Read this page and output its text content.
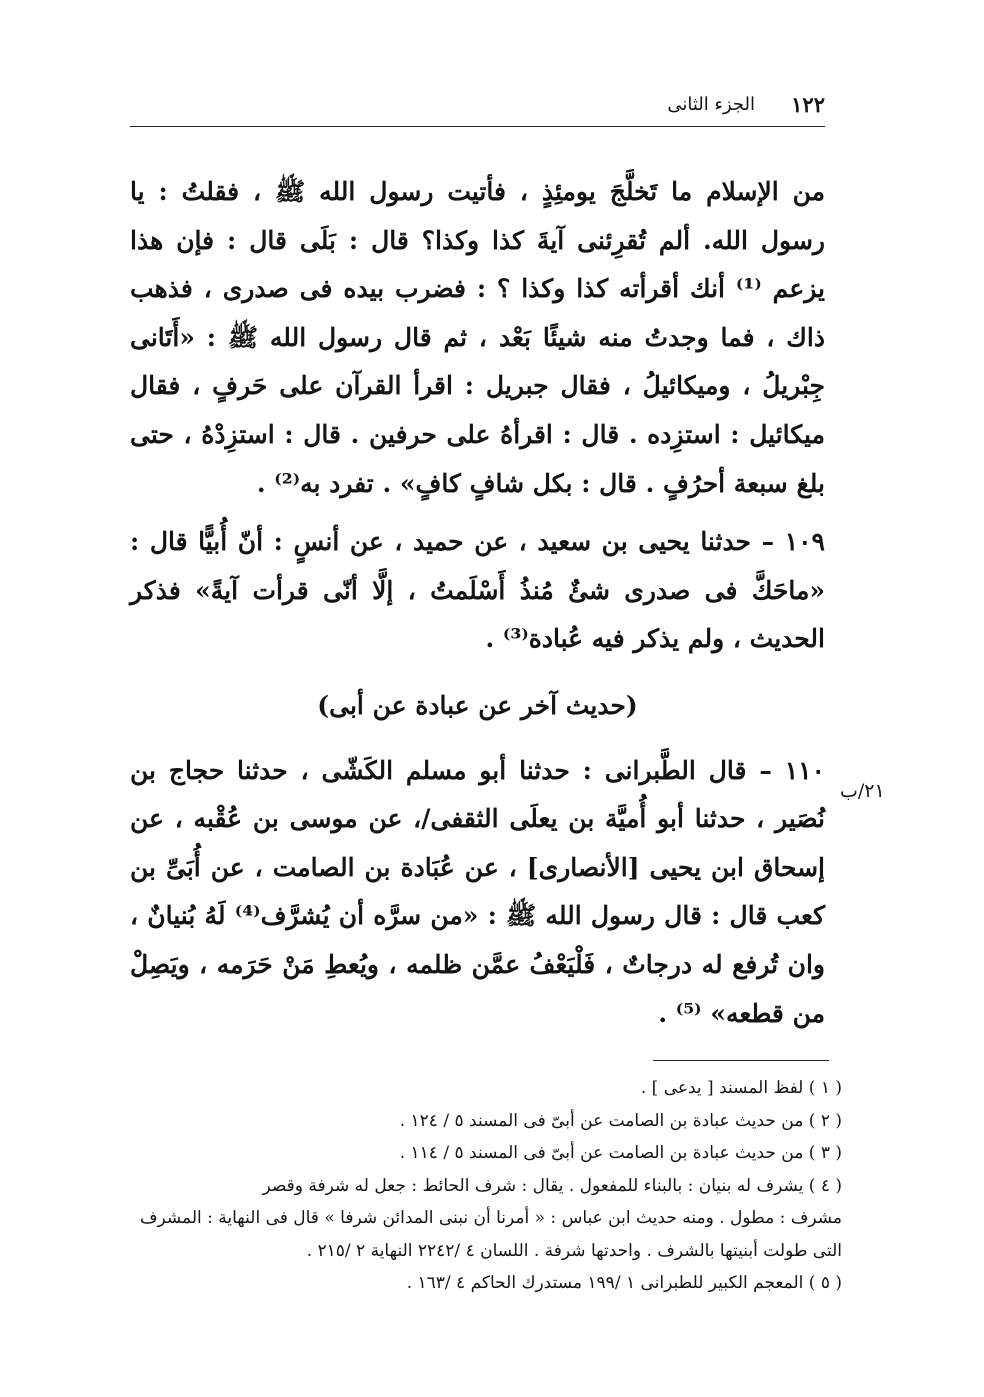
١٢٢
الجزء الثانى

من الإسلام ما تَخلَّجَ يومئِذٍ ، فأتيت رسول الله ﷺ ، فقلتُ : يا رسول الله. ألم تُقرِئنى آيةَ كذا وكذا؟ قال : بَلَى قال : فإن هذا يزعم ⁽¹⁾ أنك أقرأته كذا وكذا ؟ : فضرب بيده فى صدرى ، فذهب ذاك ، فما وجدتُ منه شيئًا بَعْد ، ثم قال رسول الله ﷺ : «أَتَانى جِبْريلُ ، وميكائيلُ ، فقال جبريل : اقرأ القرآن على حَرفٍ ، فقال ميكائيل : استزِده . قال : اقرأهُ على حرفين . قال : استزِدْهُ ، حتى بلغ سبعة أحرُفٍ . قال : بكل شافٍ كافٍ» . تفرد به⁽²⁾ .

١٠٩ – حدثنا يحيى بن سعيد ، عن حميد ، عن أنسٍ : أنّ أُبيًّا قال : «ماحَكَّ فى صدرى شئٌ مُنذُ أَسْلَمتُ ، إلَّا أنّى قرأت آيةً» فذكر الحديث ، ولم يذكر فيه عُبادة⁽³⁾ .

(حديث آخر عن عبادة عن أبى)

١١٠ – قال الطَّبرانى : حدثنا أبو مسلم الكَشّى ، حدثنا حجاج بن نُصَير ، حدثنا أبو أُميَّة بن يعلَى الثقفى/، عن موسى بن عُقْبه ، عن إسحاق ابن يحيى [الأنصارى] ، عن عُبَادة بن الصامت ، عن أُبَىِّ بن كعب قال : قال رسول الله ﷺ : «من سرَّه أن يُشرَّف⁽⁴⁾ لَهُ بُنيانٌ ، وان تُرفع له درجاتٌ ، فَلْيَعْفُ عمَّن ظلمه ، ويُعطِ مَنْ حَرَمه ، ويَصِلْ من قطعه» ⁽⁵⁾ .

٢١/ب

( ١ ) لفظ المسند [ يدعى ] .

( ٢ ) من حديث عبادة بن الصامت عن أبىّ فى المسند ٥ / ١٢٤ .

( ٣ ) من حديث عبادة بن الصامت عن أبىّ فى المسند ٥ / ١١٤ .

( ٤ ) يشرف له بنيان : بالبناء للمفعول . يقال : شرف الحائط : جعل له شرفة وقصر

مشرف : مطول . ومنه حديث ابن عباس : « أمرنا أن نبنى المدائن شرفا » قال فى النهاية : المشرف

التى طولت أبنيتها بالشرف . واحدتها شرفة . اللسان ٤ /٢٢٤٢ النهاية ٢ /٢١٥ .

( ٥ ) المعجم الكبير للطبرانى ١ /١٩٩ مستدرك الحاكم ٤ /١٦٣ .
